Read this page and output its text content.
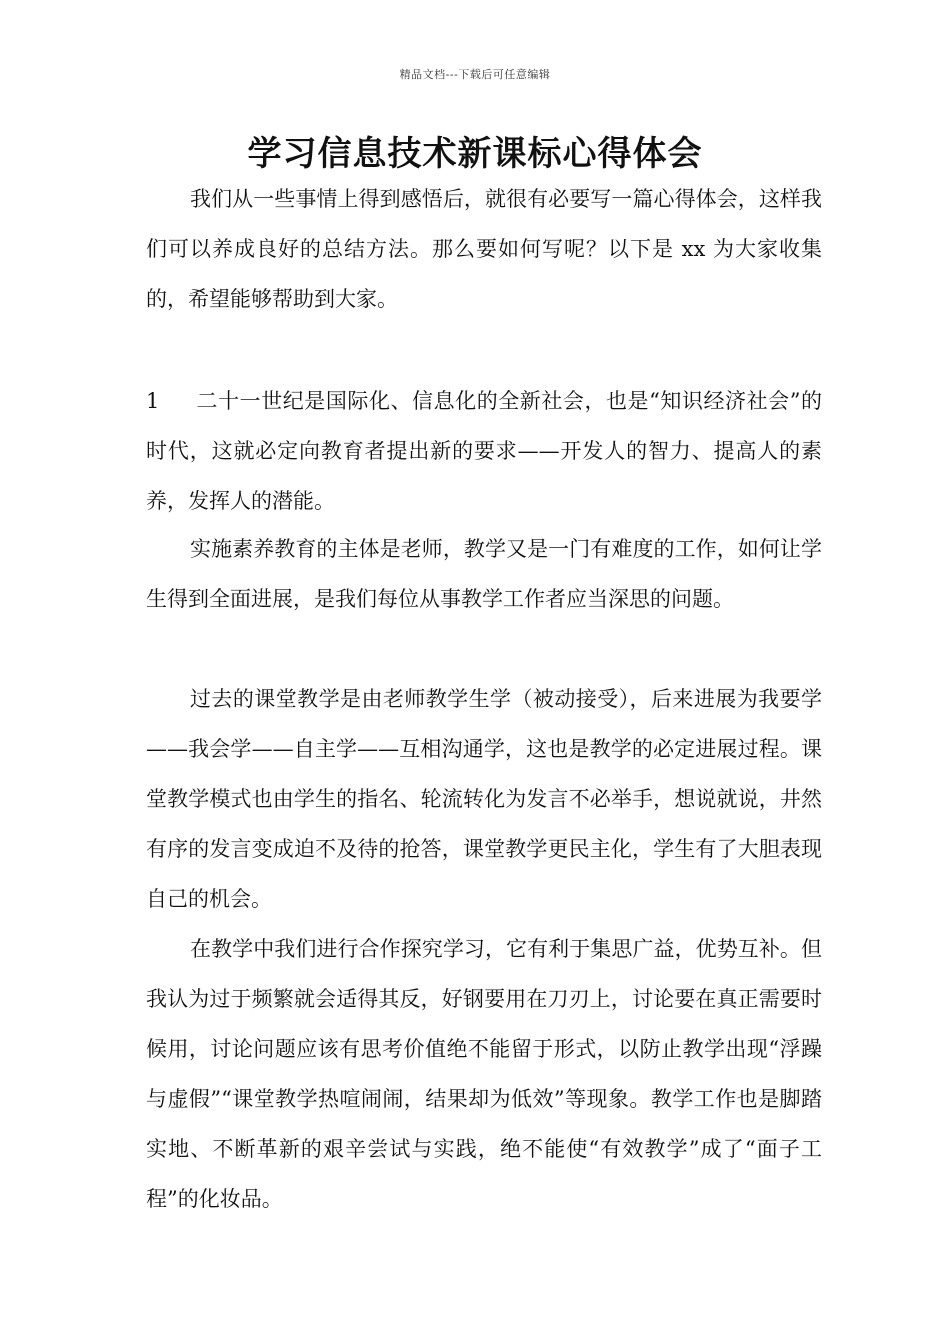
精品文档---下载后可任意编辑
学习信息技术新课标心得体会

我们从一些事情上得到感悟后，就很有必要写一篇心得体会，这样我们可以养成良好的总结方法。那么要如何写呢？以下是 xx 为大家收集的，希望能够帮助到大家。

1 二十一世纪是国际化、信息化的全新社会，也是“知识经济社会”的时代，这就必定向教育者提出新的要求——开发人的智力、提高人的素养，发挥人的潜能。

实施素养教育的主体是老师，教学又是一门有难度的工作，如何让学生得到全面进展，是我们每位从事教学工作者应当深思的问题。

过去的课堂教学是由老师教学生学（被动接受），后来进展为我要学——我会学——自主学——互相沟通学，这也是教学的必定进展过程。课堂教学模式也由学生的指名、轮流转化为发言不必举手，想说就说，井然有序的发言变成迫不及待的抢答，课堂教学更民主化，学生有了大胆表现自己的机会。

在教学中我们进行合作探究学习，它有利于集思广益，优势互补。但我认为过于频繁就会适得其反，好钢要用在刀刃上，讨论要在真正需要时候用，讨论问题应该有思考价值绝不能留于形式，以防止教学出现“浮躁与虚假”“课堂教学热喧闹闹，结果却为低效”等现象。教学工作也是脚踏实地、不断革新的艰辛尝试与实践，绝不能使“有效教学”成了“面子工程”的化妆品。
